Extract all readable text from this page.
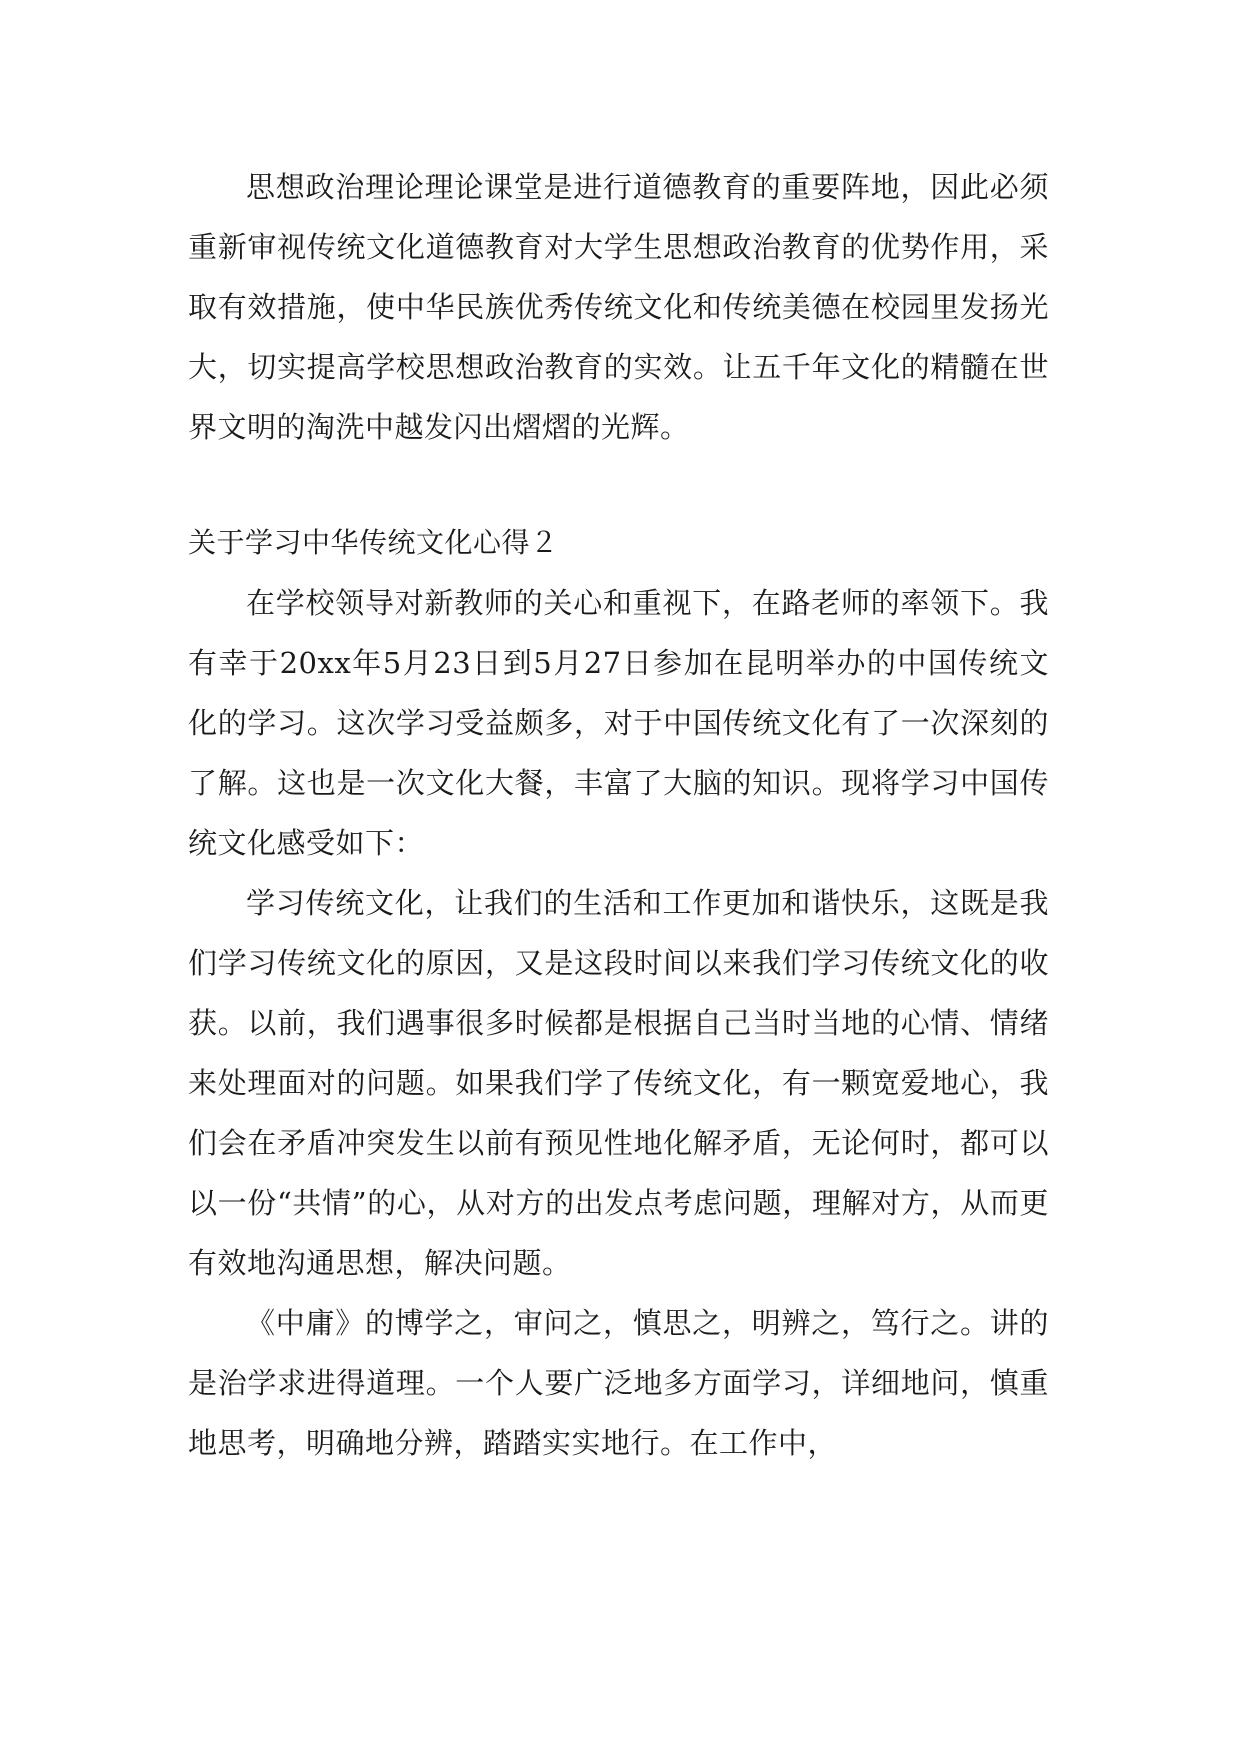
思想政治理论理论课堂是进行道德教育的重要阵地，因此必须重新审视传统文化道德教育对大学生思想政治教育的优势作用，采取有效措施，使中华民族优秀传统文化和传统美德在校园里发扬光大，切实提高学校思想政治教育的实效。让五千年文化的精髓在世界文明的淘洗中越发闪出熠熠的光辉。

关于学习中华传统文化心得２

在学校领导对新教师的关心和重视下，在路老师的率领下。我有幸于20xx年5月23日到5月27日参加在昆明举办的中国传统文化的学习。这次学习受益颇多，对于中国传统文化有了一次深刻的了解。这也是一次文化大餐，丰富了大脑的知识。现将学习中国传统文化感受如下：

学习传统文化，让我们的生活和工作更加和谐快乐，这既是我们学习传统文化的原因，又是这段时间以来我们学习传统文化的收获。以前，我们遇事很多时候都是根据自己当时当地的心情、情绪来处理面对的问题。如果我们学了传统文化，有一颗宽爱地心，我们会在矛盾冲突发生以前有预见性地化解矛盾，无论何时，都可以以一份“共情”的心，从对方的出发点考虑问题，理解对方，从而更有效地沟通思想，解决问题。

《中庸》的博学之，审问之，慎思之，明辨之，笃行之。讲的是治学求进得道理。一个人要广泛地多方面学习，详细地问，慎重地思考，明确地分辨，踏踏实实地行。在工作中，
